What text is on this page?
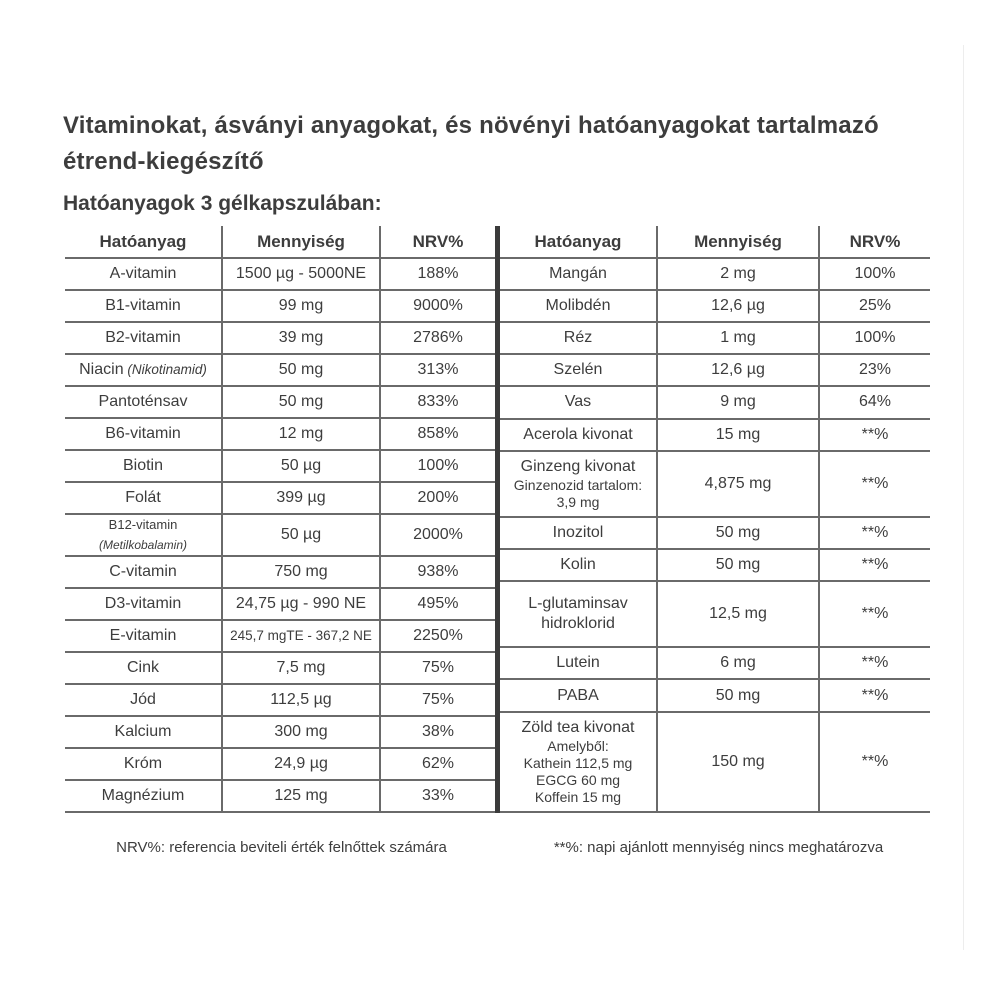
Vitaminokat, ásványi anyagokat, és növényi hatóanyagokat tartalmazó étrend-kiegészítő
Hatóanyagok 3 gélkapszulában:
Hatóanyag	Mennyiség	NRV%

A-vitamin	1500 µg - 5000NE	188%

B1-vitamin	99 mg	9000%

B2-vitamin	39 mg	2786%

Niacin (Nikotinamid)	50 mg	313%

Pantoténsav	50 mg	833%

B6-vitamin	12 mg	858%

Biotin	50 µg	100%

Folát	399 µg	200%

B12-vitamin (Metilkobalamin)	50 µg	2000%

C-vitamin	750 mg	938%

D3-vitamin	24,75 µg - 990 NE	495%

E-vitamin	245,7 mgTE - 367,2 NE	2250%

Cink	7,5 mg	75%

Jód	112,5 µg	75%

Kalcium	300 mg	38%

Króm	24,9 µg	62%

Magnézium	125 mg	33%
Hatóanyag	Mennyiség	NRV%

Mangán	2 mg	100%

Molibdén	12,6 µg	25%

Réz	1 mg	100%

Szelén	12,6 µg	23%

Vas	9 mg	64%

Acerola kivonat	15 mg	**%

Ginzeng kivonat
Ginzenozid tartalom:
3,9 mg	4,875 mg	**%

Inozitol	50 mg	**%

Kolin	50 mg	**%

L-glutaminsav
hidroklorid	12,5 mg	**%

Lutein	6 mg	**%

PABA	50 mg	**%

Zöld tea kivonat
Amelyből:
Kathein 112,5 mg
EGCG 60 mg
Koffein 15 mg	150 mg	**%
NRV%: referencia beviteli érték felnőttek számára	**%: napi ajánlott mennyiség nincs meghatározva
